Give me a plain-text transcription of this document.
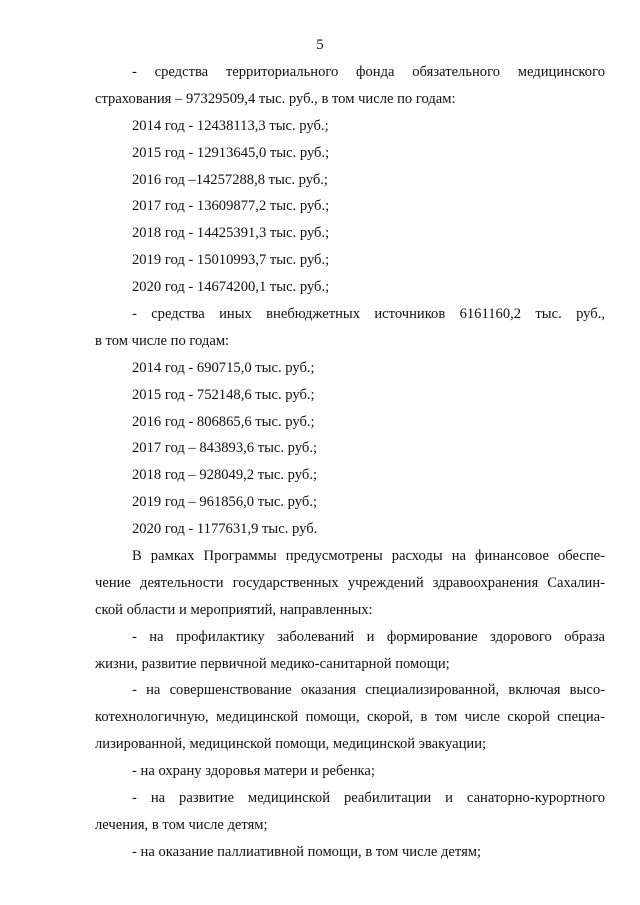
5
- средства территориального фонда обязательного медицинского
страхования – 97329509,4 тыс. руб., в том числе по годам:
2014 год - 12438113,3 тыс. руб.;
2015 год - 12913645,0 тыс. руб.;
2016 год –14257288,8 тыс. руб.;
2017 год - 13609877,2 тыс. руб.;
2018 год - 14425391,3 тыс. руб.;
2019 год - 15010993,7 тыс. руб.;
2020 год - 14674200,1 тыс. руб.;
- средства иных внебюджетных источников 6161160,2 тыс. руб.,
в том числе по годам:
2014 год - 690715,0 тыс. руб.;
2015 год - 752148,6 тыс. руб.;
2016 год - 806865,6 тыс. руб.;
2017 год – 843893,6 тыс. руб.;
2018 год – 928049,2 тыс. руб.;
2019 год – 961856,0 тыс. руб.;
2020 год - 1177631,9 тыс. руб.
В рамках Программы предусмотрены расходы на финансовое обеспе-
чение деятельности государственных учреждений здравоохранения Сахалин-
ской области и мероприятий, направленных:
- на профилактику заболеваний и формирование здорового образа
жизни, развитие первичной медико-санитарной помощи;
- на совершенствование оказания специализированной, включая высо-
котехнологичную, медицинской помощи, скорой, в том числе скорой специа-
лизированной, медицинской помощи, медицинской эвакуации;
- на охрану здоровья матери и ребенка;
- на развитие медицинской реабилитации и санаторно-курортного
лечения, в том числе детям;
- на оказание паллиативной помощи, в том числе детям;
